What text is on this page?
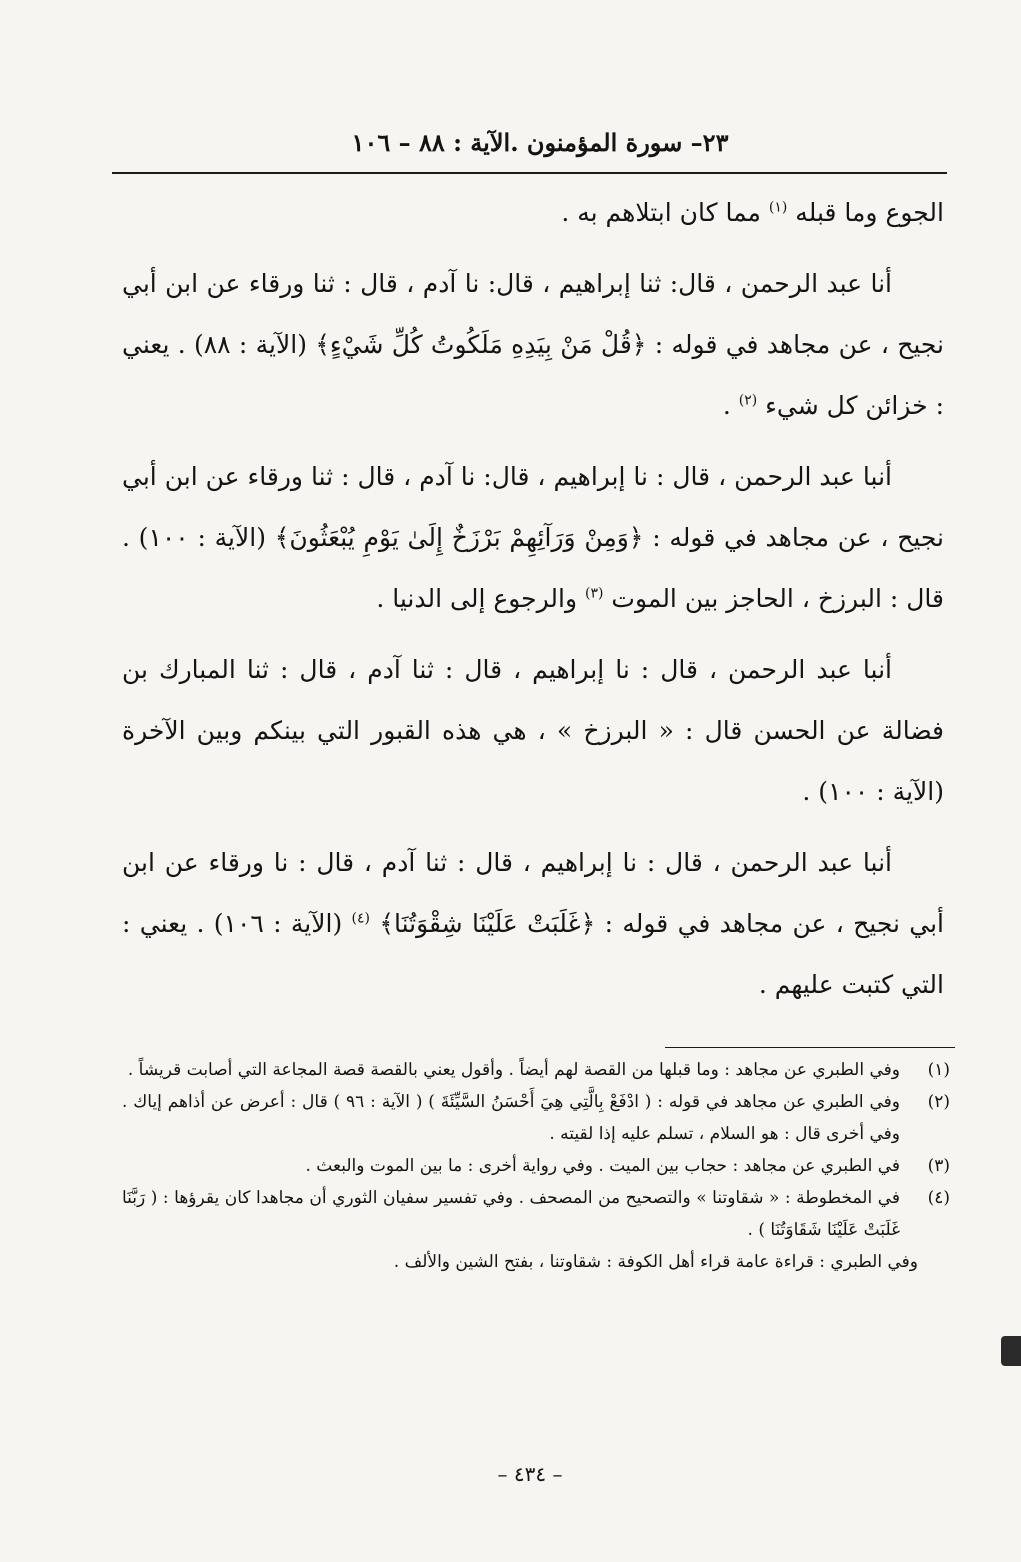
٢٣– سورة المؤمنون .الآية : ٨٨ – ١٠٦

الجوع وما قبله $^{(١)}$ مما كان ابتلاهم به .

أنا عبد الرحمن ، قال: ثنا إبراهيم ، قال: نا آدم ، قال : ثنا ورقاء عن ابن أبي نجيح ، عن مجاهد في قوله : ﴿قُلْ مَنْ بِيَدِهِ مَلَكُوتُ كُلِّ شَيْءٍ﴾ (الآية : ٨٨) . يعني : خزائن كل شيء $^{(٢)}$ .

أنبا عبد الرحمن ، قال : نا إبراهيم ، قال: نا آدم ، قال : ثنا ورقاء عن ابن أبي نجيح ، عن مجاهد في قوله : ﴿وَمِنْ وَرَآئِهِمْ بَرْزَخٌ إِلَىٰ يَوْمِ يُبْعَثُونَ﴾ (الآية : ١٠٠) . قال : البرزخ ، الحاجز بين الموت $^{(٣)}$ والرجوع إلى الدنيا .

أنبا عبد الرحمن ، قال : نا إبراهيم ، قال : ثنا آدم ، قال : ثنا المبارك بن فضالة عن الحسن قال : « البرزخ » ، هي هذه القبور التي بينكم وبين الآخرة (الآية : ١٠٠) .

أنبا عبد الرحمن ، قال : نا إبراهيم ، قال : ثنا آدم ، قال : نا ورقاء عن ابن أبي نجيح ، عن مجاهد في قوله : ﴿غَلَبَتْ عَلَيْنَا شِقْوَتُنَا﴾ $^{(٤)}$ (الآية : ١٠٦) . يعني : التي كتبت عليهم .

(١)
وفي الطبري عن مجاهد : وما قبلها من القصة لهم أيضاً . وأقول يعني بالقصة قصة المجاعة التي أصابت قريشاً .
(٢)
وفي الطبري عن مجاهد في قوله : ( ادْفَعْ بِالَّتِي هِيَ أَحْسَنُ السَّيِّئَةَ ) ( الآية : ٩٦ ) قال : أعرض عن أذاهم إياك . وفي أخرى قال : هو السلام ، تسلم عليه إذا لقيته .
(٣)
في الطبري عن مجاهد : حجاب بين الميت . وفي رواية أخرى : ما بين الموت والبعث .
(٤)
في المخطوطة : « شقاوتنا » والتصحيح من المصحف . وفي تفسير سفيان الثوري أن مجاهدا كان يقرؤها : ( رَبَّنَا غَلَبَتْ عَلَيْنَا شَقَاوَتُنَا ) .
وفي الطبري : قراءة عامة قراء أهل الكوفة : شقاوتنا ، بفتح الشين والألف .
– ٤٣٤ –
